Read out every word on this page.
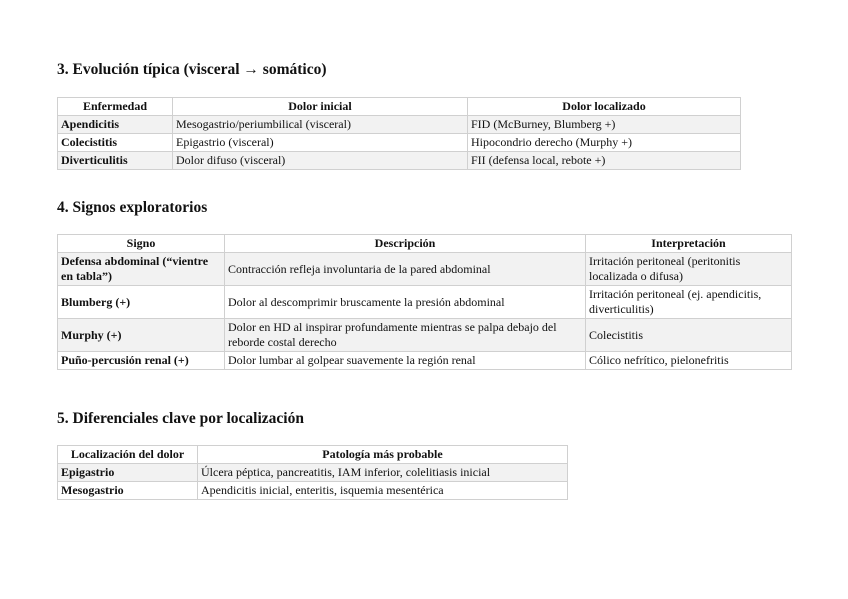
3. Evolución típica (visceral → somático)
Enfermedad	Dolor inicial	Dolor localizado
Apendicitis	Mesogastrio/periumbilical (visceral)	FID (McBurney, Blumberg +)
Colecistitis	Epigastrio (visceral)	Hipocondrio derecho (Murphy +)
Diverticulitis	Dolor difuso (visceral)	FII (defensa local, rebote +)
4. Signos exploratorios
Signo	Descripción	Interpretación
Defensa abdominal (“vientre en tabla”)	Contracción refleja involuntaria de la pared abdominal	Irritación peritoneal (peritonitis localizada o difusa)
Blumberg (+)	Dolor al descomprimir bruscamente la presión abdominal	Irritación peritoneal (ej. apendicitis, diverticulitis)
Murphy (+)	Dolor en HD al inspirar profundamente mientras se palpa debajo del reborde costal derecho	Colecistitis
Puño-percusión renal (+)	Dolor lumbar al golpear suavemente la región renal	Cólico nefrítico, pielonefritis
5. Diferenciales clave por localización
Localización del dolor	Patología más probable
Epigastrio	Úlcera péptica, pancreatitis, IAM inferior, colelitiasis inicial
Mesogastrio	Apendicitis inicial, enteritis, isquemia mesentérica
